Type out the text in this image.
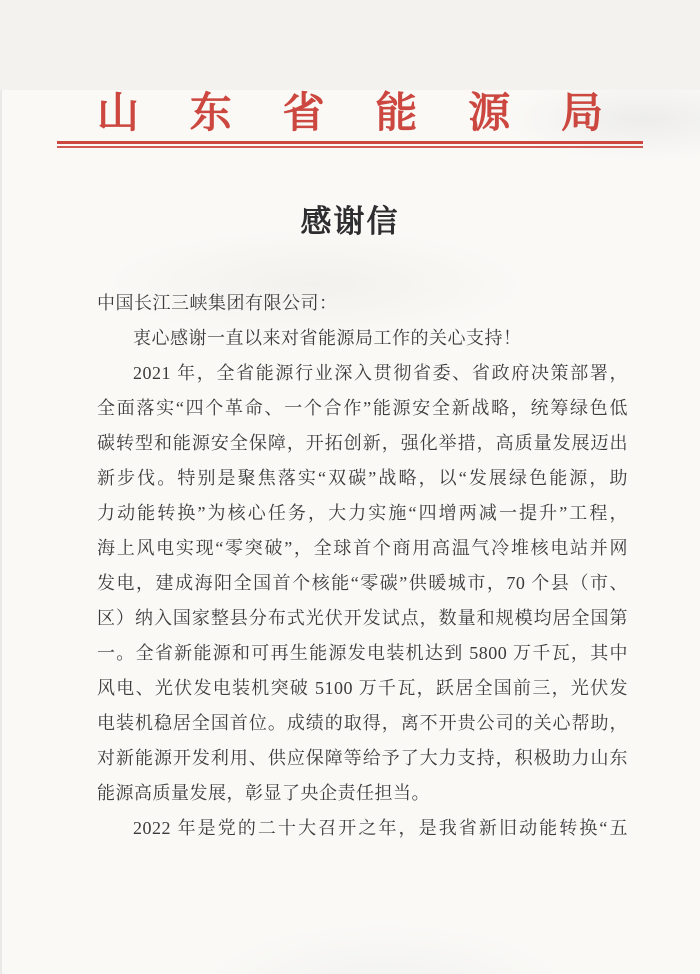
山东省能源局
感谢信
中国长江三峡集团有限公司：
衷心感谢一直以来对省能源局工作的关心支持！
2021 年，全省能源行业深入贯彻省委、省政府决策部署，
全面落实“四个革命、一个合作”能源安全新战略，统筹绿色低
碳转型和能源安全保障，开拓创新，强化举措，高质量发展迈出
新步伐。特别是聚焦落实“双碳”战略，以“发展绿色能源，助
力动能转换”为核心任务，大力实施“四增两减一提升”工程，
海上风电实现“零突破”，全球首个商用高温气冷堆核电站并网
发电，建成海阳全国首个核能“零碳”供暖城市，70 个县（市、
区）纳入国家整县分布式光伏开发试点，数量和规模均居全国第
一。全省新能源和可再生能源发电装机达到 5800 万千瓦，其中
风电、光伏发电装机突破 5100 万千瓦，跃居全国前三，光伏发
电装机稳居全国首位。成绩的取得，离不开贵公司的关心帮助，
对新能源开发利用、供应保障等给予了大力支持，积极助力山东
能源高质量发展，彰显了央企责任担当。
2022 年是党的二十大召开之年，是我省新旧动能转换“五
